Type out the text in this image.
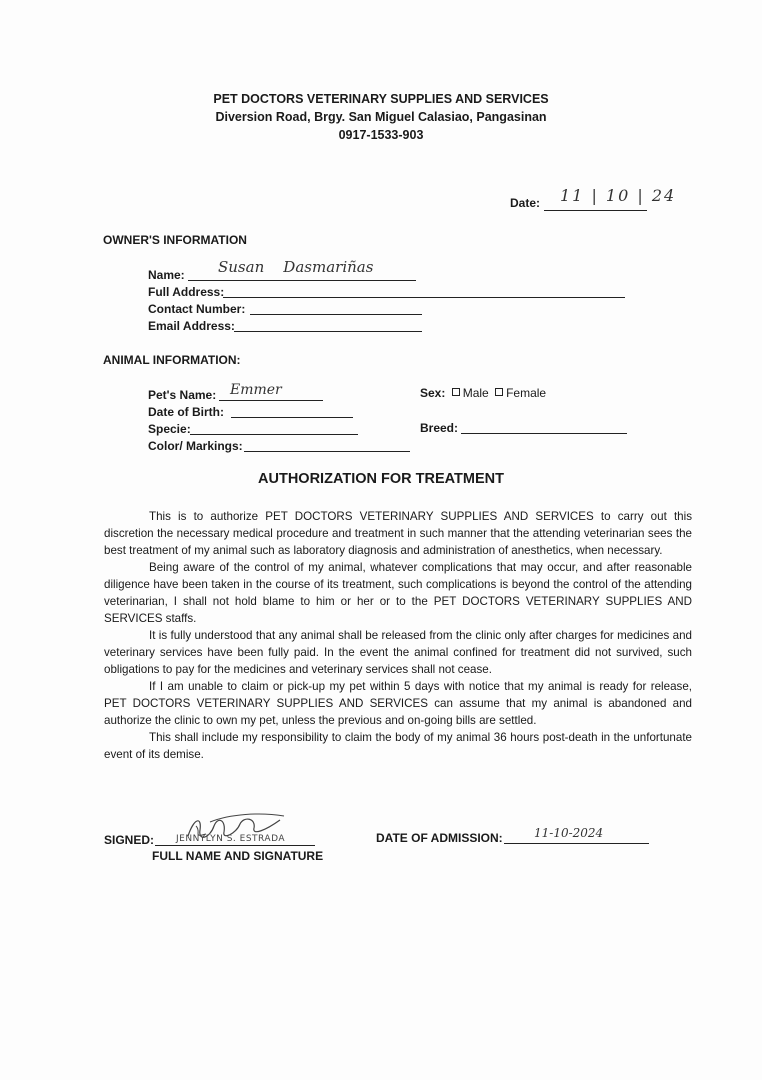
PET DOCTORS VETERINARY SUPPLIES AND SERVICES
Diversion Road, Brgy. San Miguel Calasiao, Pangasinan
0917-1533-903
Date: 11 | 10 | 24
OWNER'S INFORMATION
Name: Susan    Dasmariñas
Full Address:
Contact Number:
Email Address:
ANIMAL INFORMATION:
Pet's Name: Emmer
Date of Birth:
Specie:
Color/ Markings:
Sex: Male Female
Breed:
AUTHORIZATION FOR TREATMENT

This is to authorize PET DOCTORS VETERINARY SUPPLIES AND SERVICES to carry out this discretion the necessary medical procedure and treatment in such manner that the attending veterinarian sees the best treatment of my animal such as laboratory diagnosis and administration of anesthetics, when necessary.

Being aware of the control of my animal, whatever complications that may occur, and after reasonable diligence have been taken in the course of its treatment, such complications is beyond the control of the attending veterinarian, I shall not hold blame to him or her or to the PET DOCTORS VETERINARY SUPPLIES AND SERVICES staffs.

It is fully understood that any animal shall be released from the clinic only after charges for medicines and veterinary services have been fully paid. In the event the animal confined for treatment did not survived, such obligations to pay for the medicines and veterinary services shall not cease.

If I am unable to claim or pick-up my pet within 5 days with notice that my animal is ready for release, PET DOCTORS VETERINARY SUPPLIES AND SERVICES can assume that my animal is abandoned and authorize the clinic to own my pet, unless the previous and on-going bills are settled.

This shall include my responsibility to claim the body of my animal 36 hours post-death in the unfortunate event of its demise.

SIGNED: JENNYLYN S. ESTRADA
FULL NAME AND SIGNATURE
DATE OF ADMISSION:	11-10-2024
